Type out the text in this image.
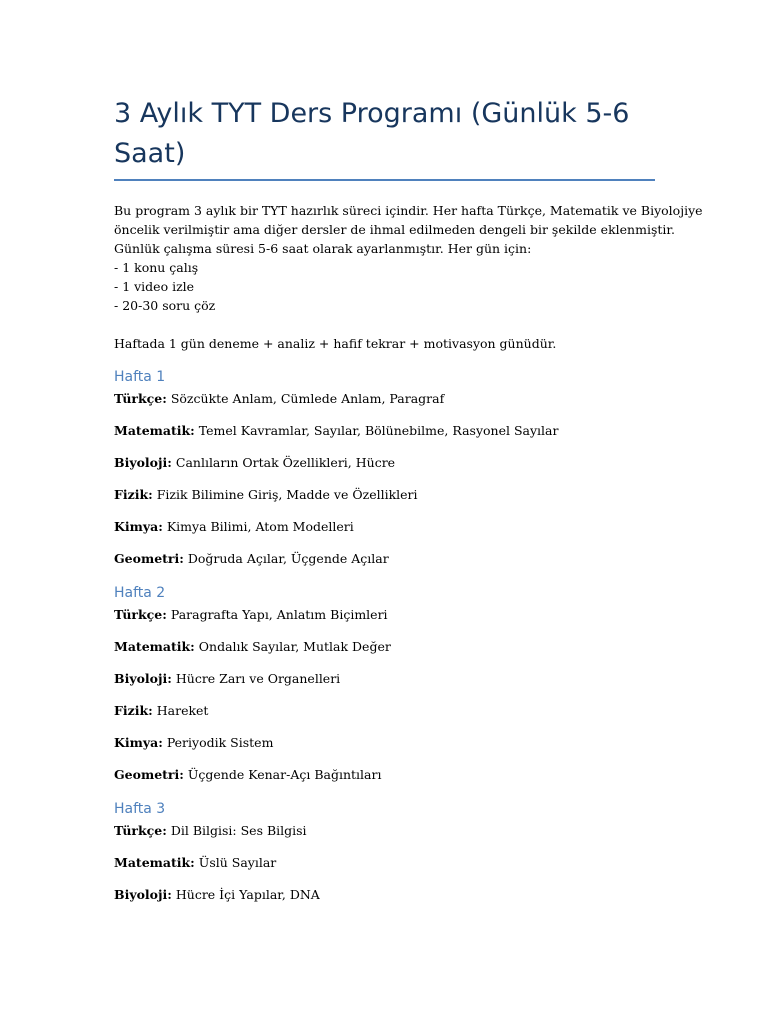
3 Aylık TYT Ders Programı (Günlük 5-6 Saat)
Bu program 3 aylık bir TYT hazırlık süreci içindir. Her hafta Türkçe, Matematik ve Biyolojiye
öncelik verilmiştir ama diğer dersler de ihmal edilmeden dengeli bir şekilde eklenmiştir.
Günlük çalışma süresi 5-6 saat olarak ayarlanmıştır. Her gün için:
- 1 konu çalış
- 1 video izle
- 20-30 soru çöz
Haftada 1 gün deneme + analiz + hafif tekrar + motivasyon günüdür.
Hafta 1
Türkçe: Sözcükte Anlam, Cümlede Anlam, Paragraf
Matematik: Temel Kavramlar, Sayılar, Bölünebilme, Rasyonel Sayılar
Biyoloji: Canlıların Ortak Özellikleri, Hücre
Fizik: Fizik Bilimine Giriş, Madde ve Özellikleri
Kimya: Kimya Bilimi, Atom Modelleri
Geometri: Doğruda Açılar, Üçgende Açılar
Hafta 2
Türkçe: Paragrafta Yapı, Anlatım Biçimleri
Matematik: Ondalık Sayılar, Mutlak Değer
Biyoloji: Hücre Zarı ve Organelleri
Fizik: Hareket
Kimya: Periyodik Sistem
Geometri: Üçgende Kenar-Açı Bağıntıları
Hafta 3
Türkçe: Dil Bilgisi: Ses Bilgisi
Matematik: Üslü Sayılar
Biyoloji: Hücre İçi Yapılar, DNA
